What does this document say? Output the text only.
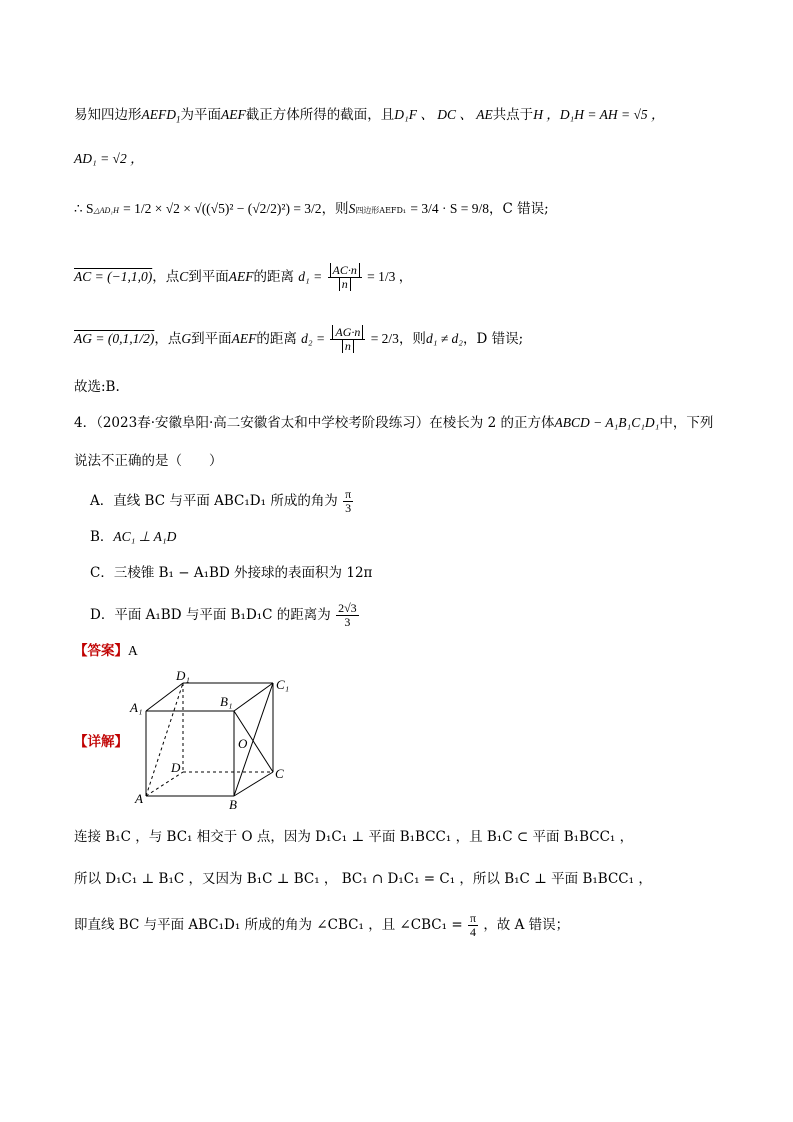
易知四边形$AEFD_1$为平面AEF截正方体所得的截面，且D₁F 、 DC 、 AE共点于H ，D₁H = AH = √5 ，
AD₁ = √2 ，
∴ S△AD₁H = 1/2 × √2 × √((√5)² − (√2/2)²) = 3/2，则S四边形AEFD₁ = 3/4 · S = 9/8，C 错误;
AC = (−1,1,0)，点C到平面AEF的距离 $d_1 = \frac{AC\cdot n}{n} = 1/3$ ，
AG = (0,1,1/2)，点G到平面AEF的距离 $d_2 = \frac{AG\cdot n}{n} = 2/3$，则d₁ ≠ d₂，D 错误;
故选:B.
4．（2023春·安徽阜阳·高二安徽省太和中学校考阶段练习）在棱长为 2 的正方体ABCD − A₁B₁C₁D₁中，下列
说法不正确的是（　　）
A．直线 BC 与平面 ABC₁D₁ 所成的角为 $\frac{\pi}{3}$
B．AC₁ ⊥ A₁D
C．三棱锥 B₁ − A₁BD 外接球的表面积为 12π
D．平面 A₁BD 与平面 B₁D₁C 的距离为 $\frac{2√3}{3}$
【答案】A
【详解】
D₁
C₁
A₁	B₁
O
D	C
A	B
连接 B₁C ，与 BC₁ 相交于 O 点，因为 D₁C₁ ⊥ 平面 B₁BCC₁ ，且 B₁C ⊂ 平面 B₁BCC₁ ，
所以 D₁C₁ ⊥ B₁C ，又因为 B₁C ⊥ BC₁ ， BC₁ ∩ D₁C₁ = C₁ ，所以 B₁C ⊥ 平面 B₁BCC₁ ，
即直线 BC 与平面 ABC₁D₁ 所成的角为 ∠CBC₁ ，且 ∠CBC₁ = $\frac{\pi}{4}$ ，故 A 错误；
